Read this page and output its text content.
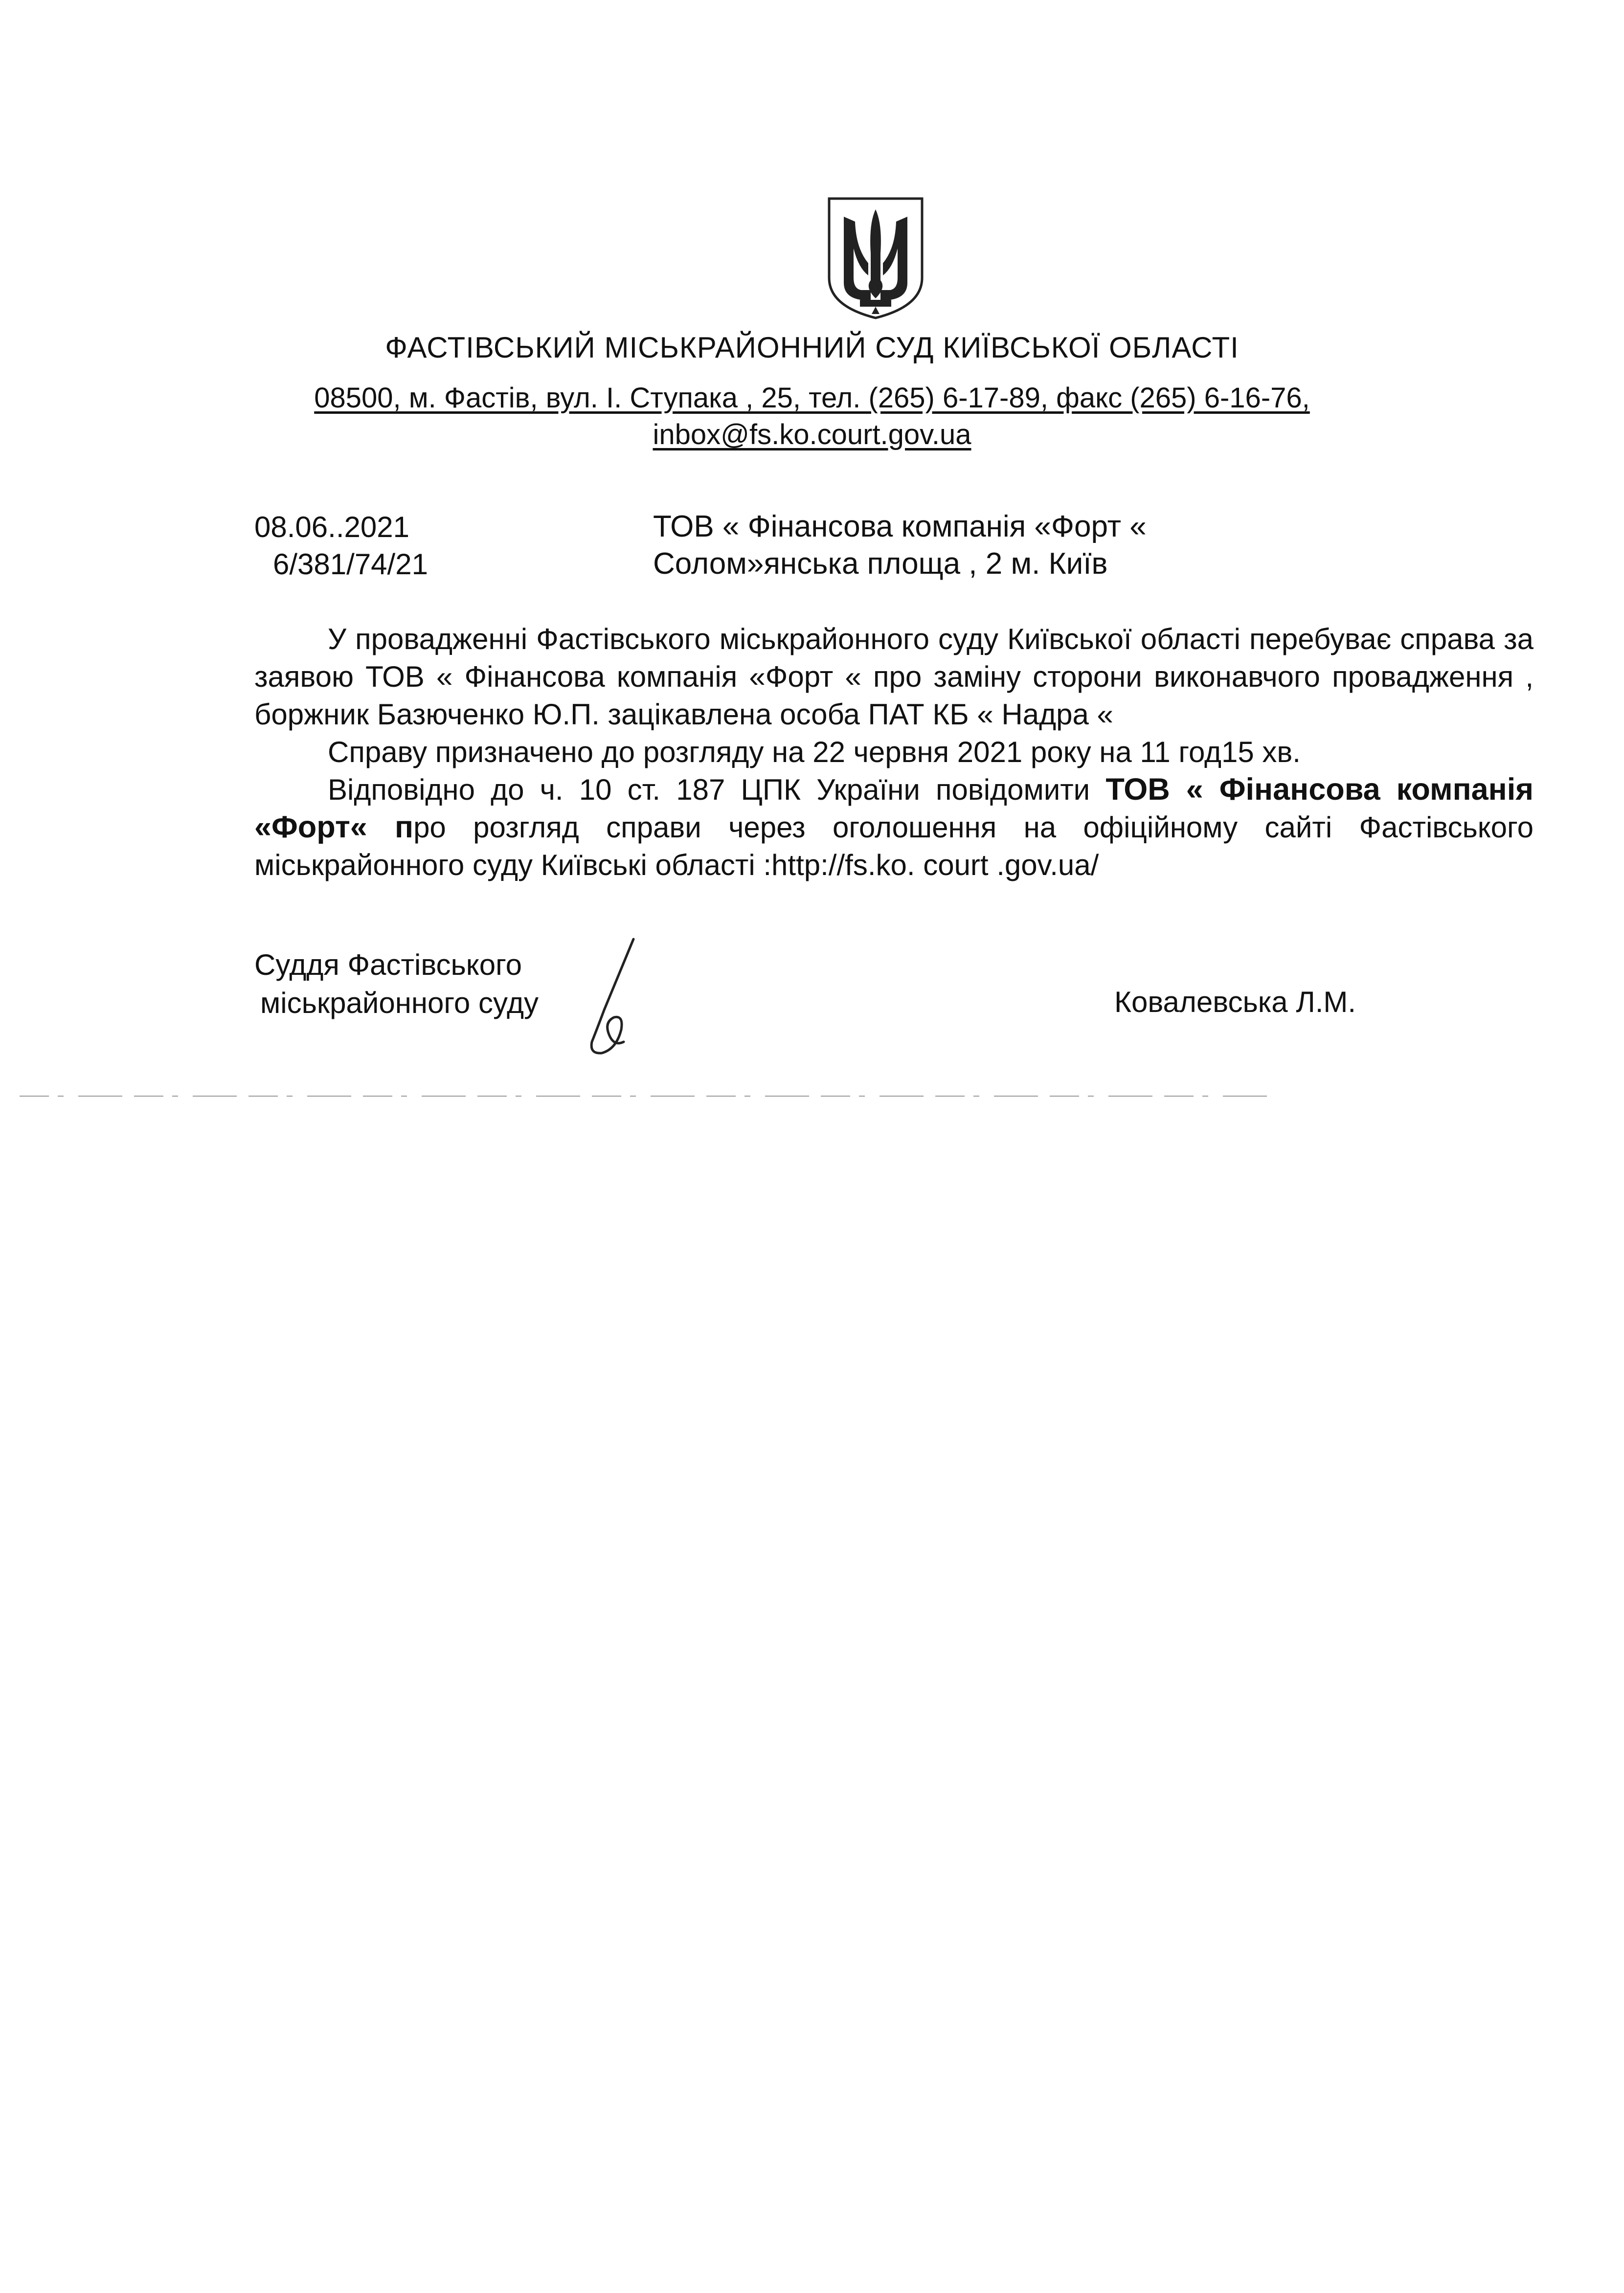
ФАСТІВСЬКИЙ МІСЬКРАЙОННИЙ СУД КИЇВСЬКОЇ ОБЛАСТІ
08500, м. Фастів, вул. І. Ступака , 25, тел. (265) 6-17-89, факс (265) 6-16-76,
inbox@fs.ko.court.gov.ua
08.06..2021
6/381/74/21
ТОВ « Фінансова компанія «Форт «
Солом»янська площа , 2 м. Київ

У провадженні Фастівського міськрайонного суду Київської області перебуває справа за заявою ТОВ « Фінансова компанія «Форт « про заміну сторони виконавчого провадження , боржник Базюченко Ю.П. зацікавлена особа ПАТ КБ « Надра «

Справу призначено до розгляду на 22 червня 2021 року на 11 год15 хв.

Відповідно до ч. 10 ст. 187 ЦПК України повідомити ТОВ « Фінансова компанія «Форт« про розгляд справи через оголошення на офіційному сайті Фастівського міськрайонного суду Київські області :http://fs.ko. court .gov.ua/

Суддя Фастівського
міськрайонного суду	Ковалевська Л.М.
